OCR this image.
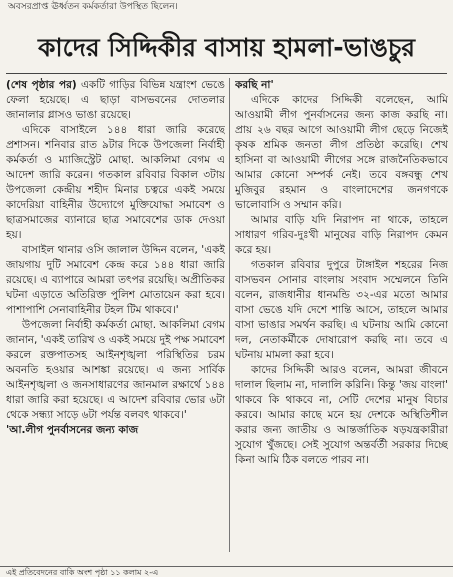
অবসরপ্রাপ্ত ঊর্ধ্বতন কর্মকর্তারা উপস্থিত ছিলেন।
কাদের সিদ্দিকীর বাসায় হামলা-ভাঙচুর

(শেষ পৃষ্ঠার পর) একটি গাড়ির বিভিন্ন যন্ত্রাংশ ভেঙে ফেলা হয়েছে। এ ছাড়া বাসভবনের দোতলার জানালার গ্লাসও ভাঙা রয়েছে।

এদিকে বাসাইলে ১৪৪ ধারা জারি করেছে প্রশাসন। শনিবার রাত ৯টার দিকে উপজেলা নির্বাহী কর্মকর্তা ও ম্যাজিস্ট্রেট মোছা. আকলিমা বেগম এ আদেশ জারি করেন। গতকাল রবিবার বিকাল ৩টায় উপজেলা কেন্দ্রীয় শহীদ মিনার চত্বরে একই সময়ে কাদেরিয়া বাহিনীর উদ্যোগে মুক্তিযোদ্ধা সমাবেশ ও ছাত্রসমাজের ব্যানারে ছাত্র সমাবেশের ডাক দেওয়া হয়।

বাসাইল থানার ওসি জালাল উদ্দিন বলেন, 'একই জায়গায় দুটি সমাবেশ কেন্দ্র করে ১৪৪ ধারা জারি রয়েছে। এ ব্যাপারে আমরা তৎপর রয়েছি। অপ্রীতিকর ঘটনা এড়াতে অতিরিক্ত পুলিশ মোতায়েন করা হবে। পাশাপাশি সেনাবাহিনীর টহল টিম থাকবে।'

উপজেলা নির্বাহী কর্মকর্তা মোছা. আকলিমা বেগম জানান, 'একই তারিখ ও একই সময়ে দুই পক্ষ সমাবেশ করলে রক্তপাতসহ আইনশৃঙ্খলা পরিস্থিতির চরম অবনতি হওয়ার আশঙ্কা রয়েছে। এ জন্য সার্বিক আইনশৃঙ্খলা ও জনসাধারণের জানমাল রক্ষার্থে ১৪৪ ধারা জারি করা হয়েছে। এ আদেশ রবিবার ভোর ৬টা থেকে সন্ধ্যা সাড়ে ৬টা পর্যন্ত বলবৎ থাকবে।'

'আ.লীগ পুনর্বাসনের জন্য কাজ

করছি না'

এদিকে কাদের সিদ্দিকী বলেছেন, আমি আওয়ামী লীগ পুনর্বাসনের জন্য কাজ করছি না। প্রায় ২৬ বছর আগে আওয়ামী লীগ ছেড়ে নিজেই কৃষক শ্রমিক জনতা লীগ প্রতিষ্ঠা করেছি। শেখ হাসিনা বা আওয়ামী লীগের সঙ্গে রাজনৈতিকভাবে আমার কোনো সম্পর্ক নেই। তবে বঙ্গবন্ধু শেখ মুজিবুর রহমান ও বাংলাদেশের জনগণকে ভালোবাসি ও সম্মান করি।

আমার বাড়ি যদি নিরাপদ না থাকে, তাহলে সাধারণ গরিব-দুঃখী মানুষের বাড়ি নিরাপদ কেমন করে হয়।

গতকাল রবিবার দুপুরে টাঙ্গাইল শহরের নিজ বাসভবন সোনার বাংলায় সংবাদ সম্মেলনে তিনি বলেন, রাজধানীর ধানমন্ডি ৩২-এর মতো আমার বাসা ভেঙে যদি দেশে শান্তি আসে, তাহলে আমার বাসা ভাঙার সমর্থন করছি। এ ঘটনায় আমি কোনো দল, নেতাকর্মীকে দোষারোপ করছি না। তবে এ ঘটনায় মামলা করা হবে।

কাদের সিদ্দিকী আরও বলেন, আমরা জীবনে দালাল ছিলাম না, দালালি করিনি। কিন্তু 'জয় বাংলা' থাকবে কি থাকবে না, সেটি দেশের মানুষ বিচার করবে। আমার কাছে মনে হয় দেশকে অস্থিতিশীল করার জন্য জাতীয় ও আন্তর্জাতিক ষড়যন্ত্রকারীরা সুযোগ খুঁজছে। সেই সুযোগ অন্তর্বর্তী সরকার দিচ্ছে কিনা আমি ঠিক বলতে পারব না।

এই প্রতিবেদনের বাকি অংশ পৃষ্ঠা ১১ কলাম ২-এ
